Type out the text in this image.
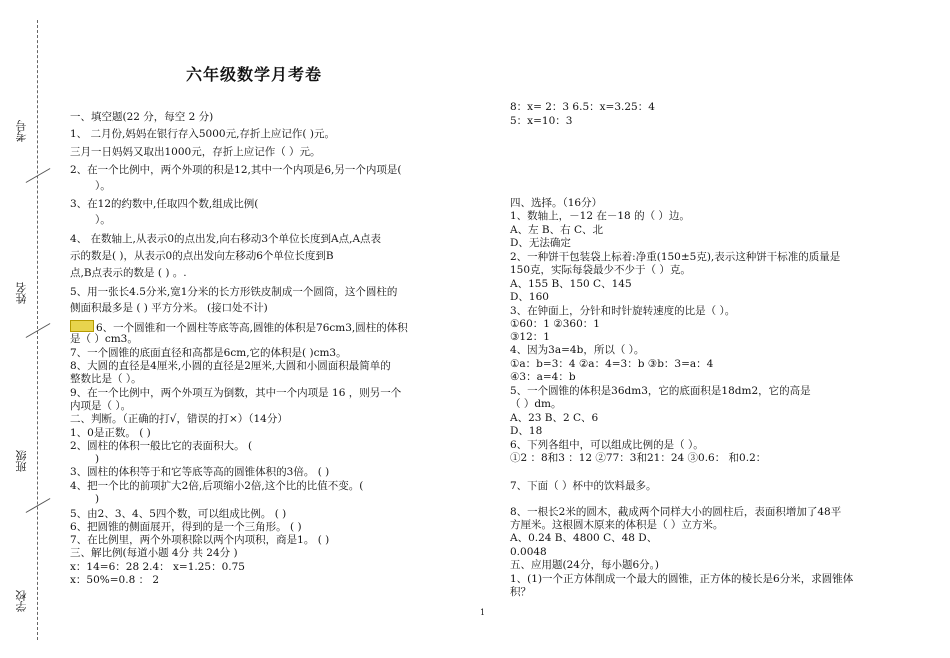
考号
姓名
班级
学校
六年级数学月考卷
一、填空题(22 分，每空 2 分)
1、 二月份,妈妈在银行存入5000元,存折上应记作( )元。
三月一日妈妈又取出1000元，存折上应记作（ ）元。
2、在一个比例中，两个外项的积是12,其中一个内项是6,另一个内项是(
）。
3、在12的约数中,任取四个数,组成比例(
）。
4、 在数轴上,从表示0的点出发,向右移动3个单位长度到A点,A点表
示的数是( )，从表示0的点出发向左移动6个单位长度到B
点,B点表示的数是 ( ) 。.
5、用一张长4.5分米,宽1分米的长方形铁皮制成一个圆筒，这个圆柱的
侧面积最多是 ( ) 平方分米。 (接口处不计)
6、一个圆锥和一个圆柱等底等高,圆锥的体积是76cm3,圆柱的体积
是（ ）cm3。
7、一个圆锥的底面直径和高都是6cm,它的体积是( )cm3。
8、大圆的直径是4厘米,小圆的直径是2厘米,大圆和小圆面积最简单的
整数比是（ ）。
9、在一个比例中，两个外项互为倒数，其中一个内项是 16 ，则另一个
内项是（ ）。
二、判断。（正确的打√，错误的打×）（14分）
1、0是正数。 ( )
2、圆柱的体积一般比它的表面积大。 (
)
3、圆柱的体积等于和它等底等高的圆锥体积的3倍。 ( )
4、把一个比的前项扩大2倍,后项缩小2倍,这个比的比值不变。(
)
5、由2、3、4、5四个数，可以组成比例。 ( )
6、把圆锥的侧面展开，得到的是一个三角形。 ( )
7、在比例里，两个外项积除以两个内项积，商是1。 ( )
三、解比例(每道小题 4分 共 24分 )
x：14=6：28 2.4： x=1.25：0.75
x：50%=0.8 ： 2
8：x= 2：3 6.5：x=3.25：4
5：x=10：3
四、选择。（16分）
1、数轴上，－12 在－18 的（ ）边。
A、左 B、右 C、北
D、无法确定
2、一种饼干包装袋上标着:净重(150±5克),表示这种饼干标准的质量是
150克，实际每袋最少不少于（ ）克。
A、155 B、150 C、145
D、160
3、在钟面上，分针和时针旋转速度的比是（ ）。
①60：1 ②360：1
③12：1
4、因为3a=4b，所以（ ）。
①a：b=3：4 ②a：4=3：b ③b：3=a：4
④3：a=4：b
5、一个圆锥的体积是36dm3，它的底面积是18dm2，它的高是
（ ）dm。
A、23 B、2 C、6
D、18
6、下列各组中，可以组成比例的是（ ）。
①2 ：8和3 ：12 ②77：3和21：24 ③0.6： 和0.2：
7、下面（ ）杯中的饮料最多。
8、一根长2米的圆木，截成两个同样大小的圆柱后，表面积增加了48平
方厘米。这根圆木原来的体积是（ ）立方米。
A、0.24 B、4800 C、48 D、
0.0048
五、应用题(24分，每小题6分。)
1、(1)一个正方体削成一个最大的圆锥，正方体的棱长是6分米，求圆锥体
积？
1
